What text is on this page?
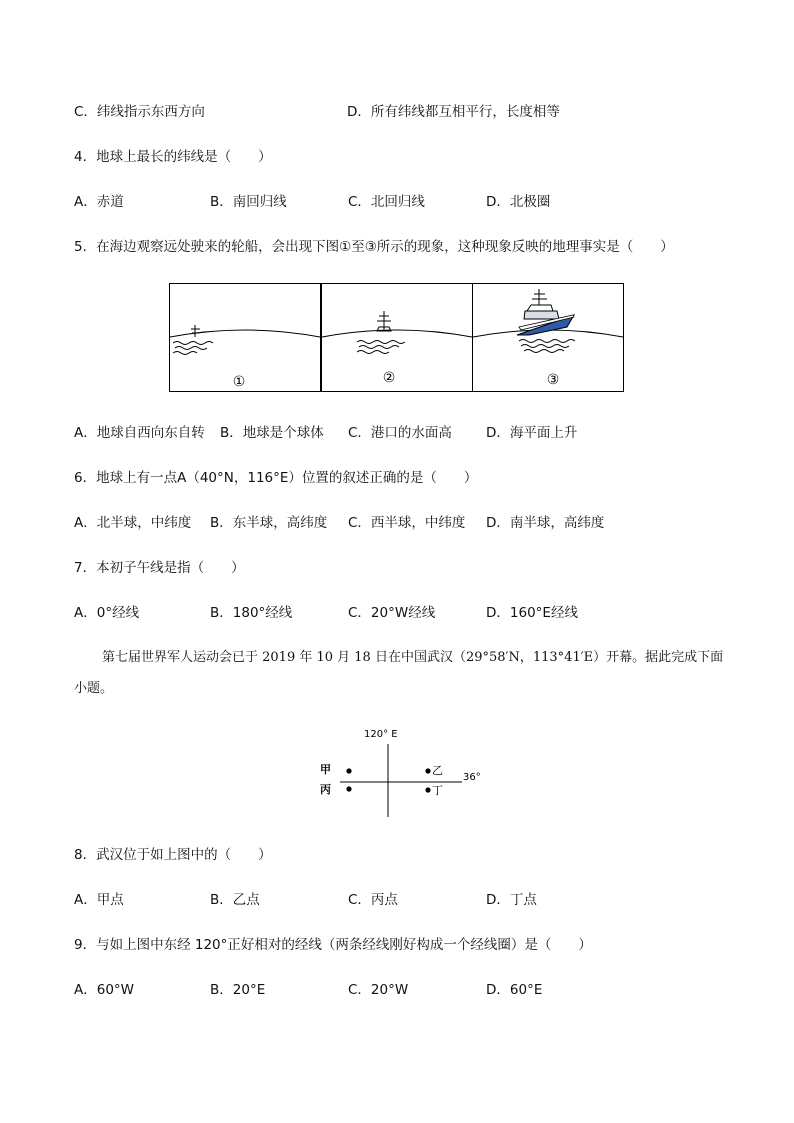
C．纬线指示东西方向	D．所有纬线都互相平行，长度相等
4．地球上最长的纬线是（　　）
A．赤道	B．南回归线	C．北回归线	D．北极圈
5．在海边观察远处驶来的轮船，会出现下图①至③所示的现象，这种现象反映的地理事实是（　　）
①	②	③
A．地球自西向东自转 B．地球是个球体 C．港口的水面高	D．海平面上升
6．地球上有一点A（40°N，116°E）位置的叙述正确的是（　　）
A．北半球，中纬度 B．东半球，高纬度 C．西半球，中纬度 D．南半球，高纬度
7．本初子午线是指（　　）
A．0°经线	B．180°经线	C．20°W经线	D．160°E经线
第七届世界军人运动会已于 2019 年 10 月 18 日在中国武汉（29°58′N，113°41′E）开幕。据此完成下面
小题。
120° E
36°
甲	乙
丙	丁
8．武汉位于如上图中的（　　）
A．甲点	B．乙点	C．丙点	D．丁点
9．与如上图中东经 120°正好相对的经线（两条经线刚好构成一个经线圈）是（　　）
A．60°W	B．20°E	C．20°W	D．60°E
